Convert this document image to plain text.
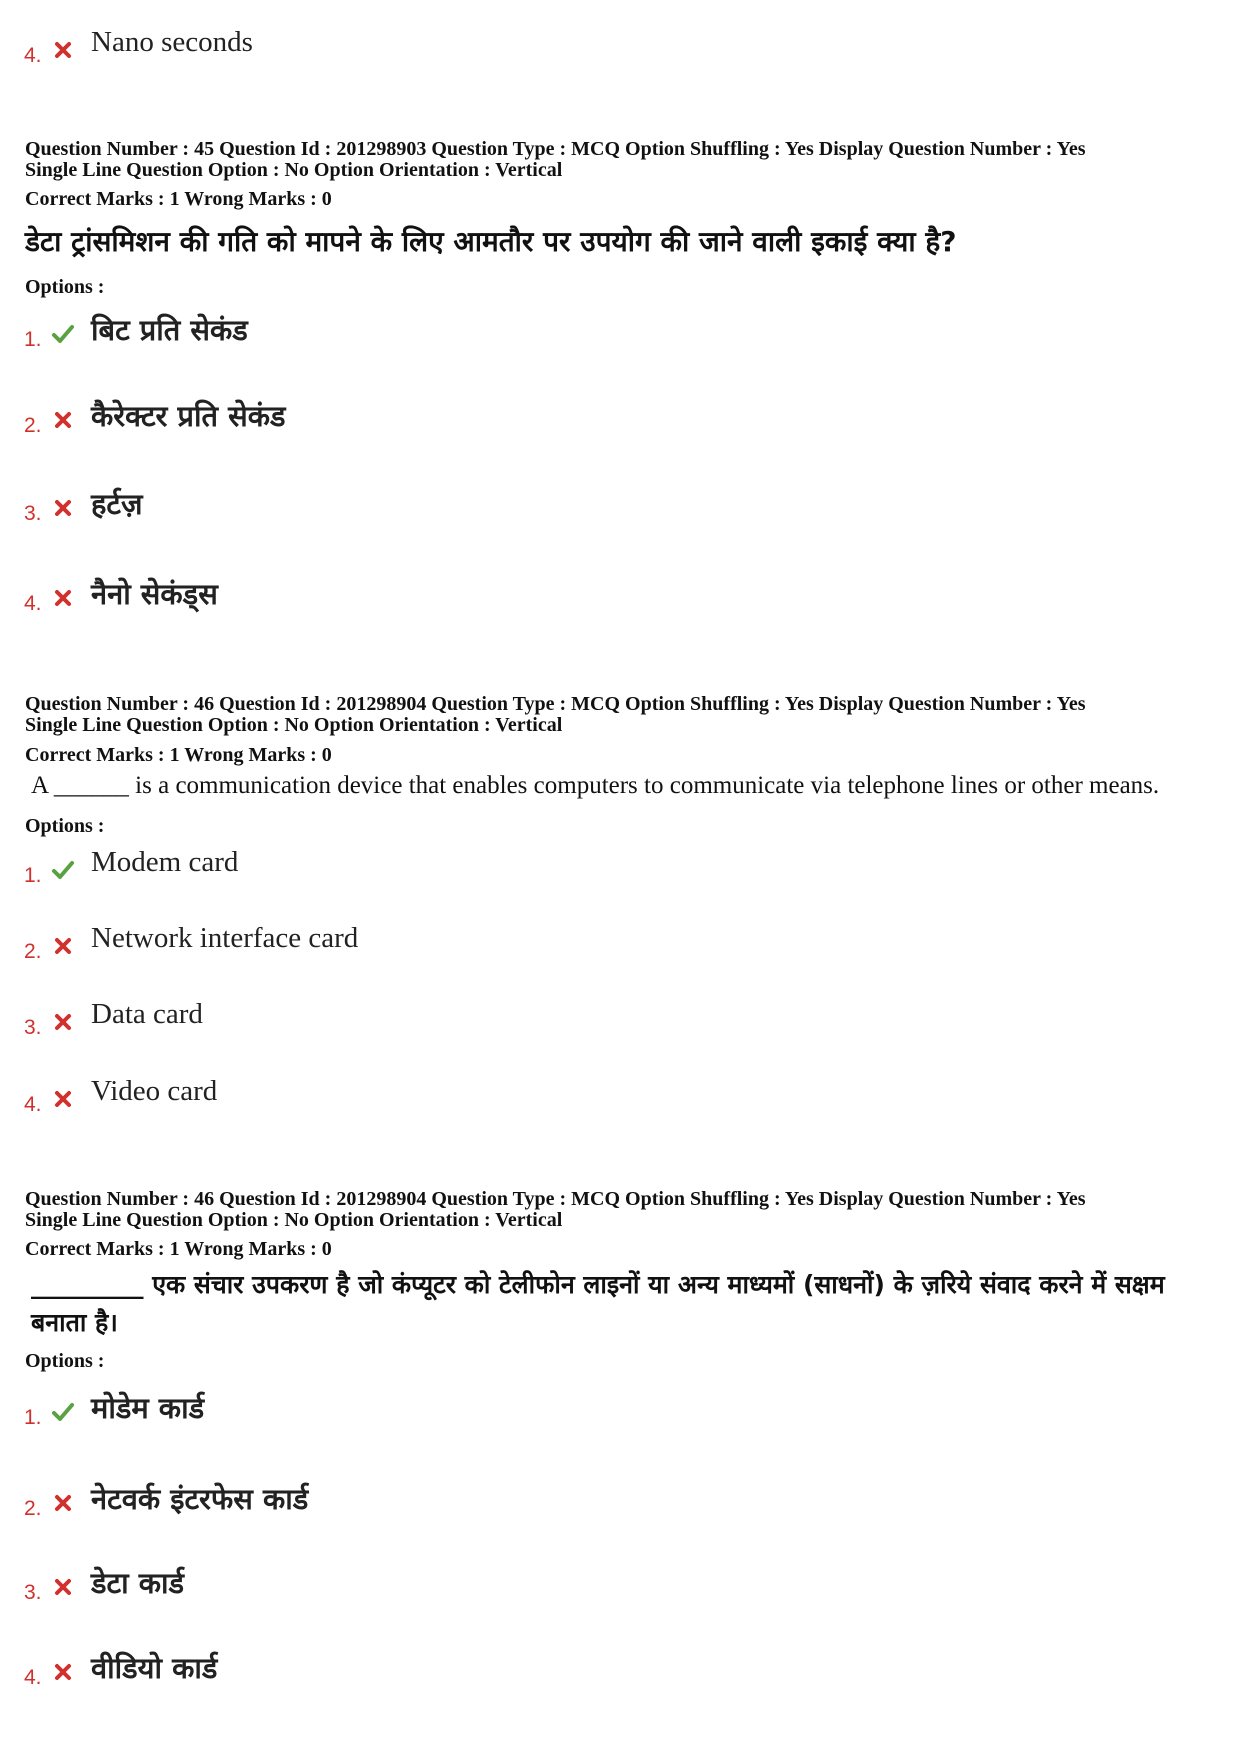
4. Nano seconds
Question Number : 45 Question Id : 201298903 Question Type : MCQ Option Shuffling : Yes Display Question Number : Yes
Single Line Question Option : No Option Orientation : Vertical
Correct Marks : 1 Wrong Marks : 0
डेटा ट्रांसमिशन की गति को मापने के लिए आमतौर पर उपयोग की जाने वाली इकाई क्या है?
Options :
1. बिट प्रति सेकंड
2. कैरेक्टर प्रति सेकंड
3. हर्टज़
4. नैनो सेकंड्स
Question Number : 46 Question Id : 201298904 Question Type : MCQ Option Shuffling : Yes Display Question Number : Yes
Single Line Question Option : No Option Orientation : Vertical
Correct Marks : 1 Wrong Marks : 0
A ______ is a communication device that enables computers to communicate via telephone lines or other means.
Options :
1. Modem card
2. Network interface card
3. Data card
4. Video card
Question Number : 46 Question Id : 201298904 Question Type : MCQ Option Shuffling : Yes Display Question Number : Yes
Single Line Question Option : No Option Orientation : Vertical
Correct Marks : 1 Wrong Marks : 0
_________ एक संचार उपकरण है जो कंप्यूटर को टेलीफोन लाइनों या अन्य माध्यमों (साधनों) के ज़रिये संवाद करने में सक्षम बनाता है।
Options :
1. मोडेम कार्ड
2. नेटवर्क इंटरफेस कार्ड
3. डेटा कार्ड
4. वीडियो कार्ड
